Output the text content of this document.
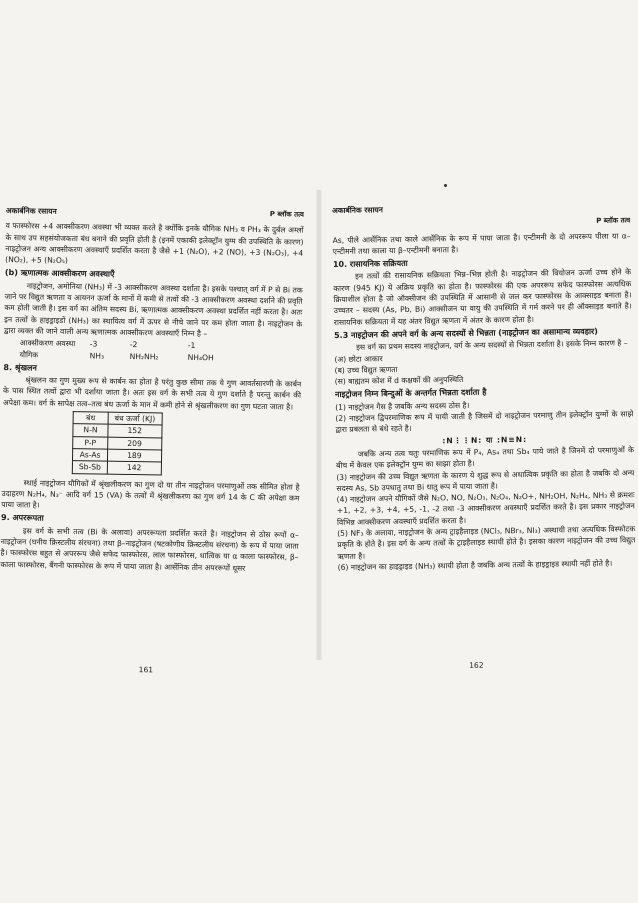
अकार्बनिक रसायन	P ब्लॉक तत्व

व फास्फोरस +4 आक्सीकरण अवस्था भी व्यक्त करते है क्योंकि इनके यौगिक NH₃ व PH₃ के दुर्बल अम्लों के साथ उप सहसंयोजकता बंध बनाने की प्रवृति होती है (इनमें एकाकी इलेक्ट्रॉन युग्म की उपस्थिति के कारण) नाइट्रोजन अन्य आक्सीकरण अवस्थाएँ प्रदर्शित करता है जैसे +1 (N₂O), +2 (NO), +3 (N₂O₃), +4 (NO₂), +5 (N₂O₅)

(b) ऋणात्मक आक्सीकरण अवस्थाएँ

नाइट्रोजन, अमोनिया (NH₃) में -3 आक्सीकरण अवस्था दर्शाता है। इसके पश्चात् वर्ग में P से Bi तक जाने पर विद्युत ऋणता व आयनन ऊर्जा के मानों में कमी से तत्वों की -3 आक्सीकरण अवस्था दर्शाने की प्रवृति कम होती जाती है। इस वर्ग का अंतिम सदस्य Bi, ऋणात्मक आक्सीकरण अवस्था प्रदर्शित नहीं करता है। अतः इन तत्वों के हाइड्राइडों (NH₃) का स्थायित्व वर्ग में ऊपर से नीचे जाने पर कम होता जाता है। नाइट्रोजन के द्वारा व्यक्त की जाने वाली अन्य ऋणात्मक आक्सीकरण अवस्थाएँ निम्न है –

आक्सीकरण अवस्था	-3	-2	-1
यौगिक	NH₃	NH₂NH₂	NH₄OH
8. श्रृंखलन

श्रृंखलन का गुण मुख्य रूप से कार्बन का होता है परंतु कुछ सीमा तक ये गुण आवर्तसारणी के कार्बन के पास स्थित तत्वों द्वारा भी दर्शाया जाता है। अतः इस वर्ग के सभी तत्व ये गुण दर्शाते है परन्तु कार्बन की अपेक्षा कम। वर्ग के सापेक्ष तत्व–तत्व बंध ऊर्जा के मान में कमी होने से श्रृंखलीकरण का गुण घटता जाता है।

बंध	बंध ऊर्जा (KJ)
N-N	152
P-P	209
As-As	189
Sb-Sb	142

स्थाई नाइट्रोजन यौगिकों में श्रृंखलीकरण का गुण दो या तीन नाइट्रोजन परमाणुओं तक सीमित होता है उदाहरण N₂H₄, N₃⁻ आदि वर्ग 15 (VA) के तत्वों में श्रृंखलीकरण का गुण वर्ग 14 के C की अपेक्षा कम पाया जाता है।

9. अपररूपता

इस वर्ग के सभी तत्व (Bi के अलावा) अपररूपता प्रदर्शित करते है। नाइट्रोजन से ठोस रूपों α–नाइट्रोजन (घनीय क्रिस्टलीय संरचना) तथा β–नाइट्रोजन (षटकोणीय क्रिस्टलीय संरचना) के रूप में पाया जाता है। फास्फोरस बहुत से अपररूप जैसे सफेद फास्फोरस, लाल फास्फोरस, धात्विक या α काला फास्फोरस, β– काला फास्फोरस, बैंगनी फास्फोरस के रूप में पाया जाता है। आर्सेनिक तीन अपररूपों धूसर

161
अकार्बनिक रसायन
P ब्लॉक तत्व

As, पीले आर्सेनिक तथा काले आर्सेनिक के रूप में पाया जाता है। एन्टीमनी के दो अपररूप पीला या α– एन्टीमनी तथा काला या β–एन्टीमनी बनाता है।

10. रासायनिक सक्रियता

इन तत्वों की रासायनिक सक्रियता भिन्न–भिन्न होती है। नाइट्रोजन की वियोजन ऊर्जा उच्च होने के कारण (945 KJ) ये अक्रिय प्रकृति का होता है। फास्फोरस की एक अपररूप सफेद फास्फोरस अत्यधिक क्रियाशील होता है जो ऑक्सीजन की उपस्थिति में आसानी से जल कर फास्फोरस के आक्साइड बनाता है। उच्चतर – सदस्य (As, Pb, Bi) आक्सीजन या वायु की उपस्थिति में गर्म करने पर ही ऑक्साइड बनाते है। रासायनिक सक्रियता में यह अंतर विद्युत ऋणता में अंतर के कारण होता है।

5.3 नाइट्रोजन की अपने वर्ग के अन्य सदस्यों से भिन्नता (नाइट्रोजन का असामान्य व्यवहार)

इस वर्ग का प्रथम सदस्य नाइट्रोजन, वर्ग के अन्य सदस्यों से भिन्नता दर्शाता है। इसके निम्न कारण है –

(अ) छोटा आकार

(ब) उच्च विद्युत ऋणता

(स) बाह्यतम कोश में d कक्षकों की अनुपस्थिति

नाइट्रोजन निम्न बिन्दुओं के अन्तर्गत भिन्नता दर्शाता है

(1) नाइट्रोजन गैस है जबकि अन्य सदस्य ठोस है।

(2) नाइट्रोजन द्विपरमाणिक रूप में पायी जाती है जिसमें दो नाइट्रोजन परमाणु तीन इलेक्ट्रॉन युग्मों के साझे द्वारा प्रबलता से बंधे रहते है।

:N⋮⋮N: या :N≡N:

जबकि अन्य तत्व चतुः परमाणिक रूप में P₄, As₄ तथा Sb₄ पाये जाते है जिनमें दो परमाणुओं के बीच में केवल एक इलेक्ट्रॉन युग्म का साझा होता है।

(3) नाइट्रोजन की उच्च विद्युत ऋणता के कारण ये शुद्ध रूप से अधात्विक प्रकृति का होता है जबकि दो अन्य सदस्य As, Sb उपधातु तथा Bi धातु रूप में पाया जाता है।

(4) नाइट्रोजन अपने यौगिकों जैसे N₂O, NO, N₂O₃, N₂O₄, N₂O+, NH₂OH, N₂H₄, NH₃ से क्रमशः +1, +2, +3, +4, +5, -1, -2 तथा -3 आक्सीकरण अवस्थाएँ प्रदर्शित करते है। इस प्रकार नाइट्रोजन विभिन्न आक्सीकरण अवस्थाएँ प्रदर्शित करता है।

(5) NF₃ के अलावा, नाइट्रोजन के अन्य ट्राइहैलाइड (NCl₃, NBr₃, NI₃) अस्थायी तथा अत्यधिक विस्फोटक प्रकृति के होते है। इस वर्ग के अन्य तत्वों के ट्राइहैलाइड स्थायी होते है। इसका कारण नाइट्रोजन की उच्च विद्युत ऋणता है।

(6) नाइट्रोजन का हाइड्राइड (NH₃) स्थायी होता है जबकि अन्य तत्वों के हाइड्राइड स्थायी नहीं होते है।

162
